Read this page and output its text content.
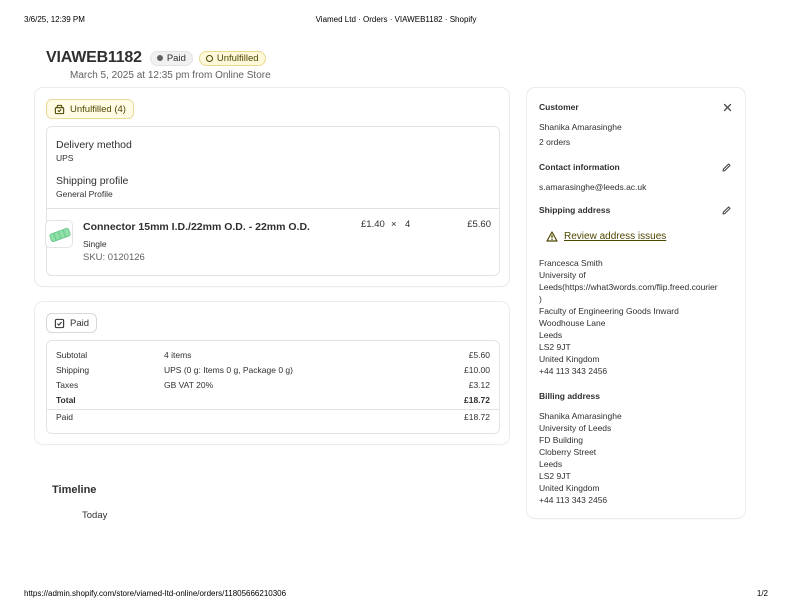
3/6/25, 12:39 PM	Viamed Ltd · Orders · VIAWEB1182 · Shopify
VIAWEB1182	Paid	Unfulfilled
March 5, 2025 at 12:35 pm from Online Store
Unfulfilled (4)
Delivery method
UPS
Shipping profile
General Profile
Connector 15mm I.D./22mm O.D. - 22mm O.D.
Single
SKU: 0120126
£1.40 × 4	£5.60
Paid
Subtotal	4 items	£5.60
Shipping	UPS (0 g: Items 0 g, Package 0 g)	£10.00
Taxes	GB VAT 20%	£3.12
Total	£18.72
Paid	£18.72
Timeline
Today
Customer
Shanika Amarasinghe
2 orders
Contact information
s.amarasinghe@leeds.ac.uk
Shipping address
Review address issues
Francesca Smith
University of
Leeds(https://what3words.com/flip.freed.courier
)
Faculty of Engineering Goods Inward
Woodhouse Lane
Leeds
LS2 9JT
United Kingdom
+44 113 343 2456
Billing address
Shanika Amarasinghe
University of Leeds
FD Building
Cloberry Street
Leeds
LS2 9JT
United Kingdom
+44 113 343 2456
https://admin.shopify.com/store/viamed-ltd-online/orders/11805666210306	1/2
